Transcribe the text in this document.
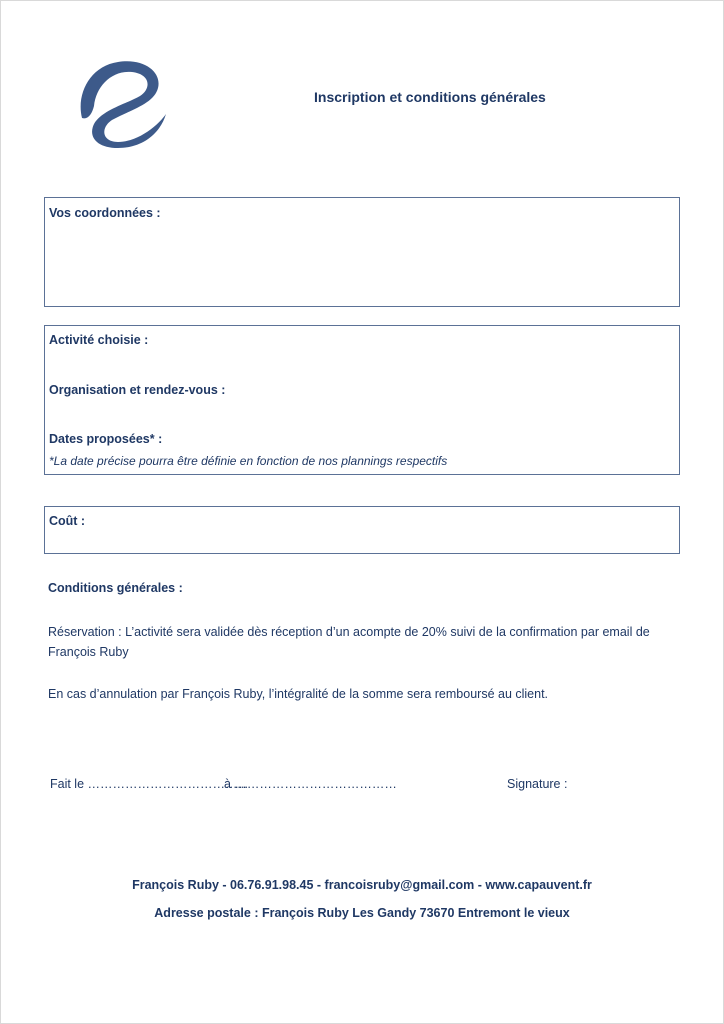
Inscription et conditions générales
Vos coordonnées :
Activité choisie :
Organisation et rendez-vous :
Dates proposées* :
*La date précise pourra être définie en fonction de nos plannings respectifs
Coût :
Conditions générales :
Réservation : L’activité sera validée dès réception d’un acompte de 20% suivi de la confirmation par email de François Ruby
En cas d’annulation par François Ruby, l’intégralité de la somme sera remboursé au client.
Fait le ………………………………...
à …………………………………	Signature :
François Ruby - 06.76.91.98.45 - francoisruby@gmail.com - www.capauvent.fr
Adresse postale : François Ruby Les Gandy 73670 Entremont le vieux
